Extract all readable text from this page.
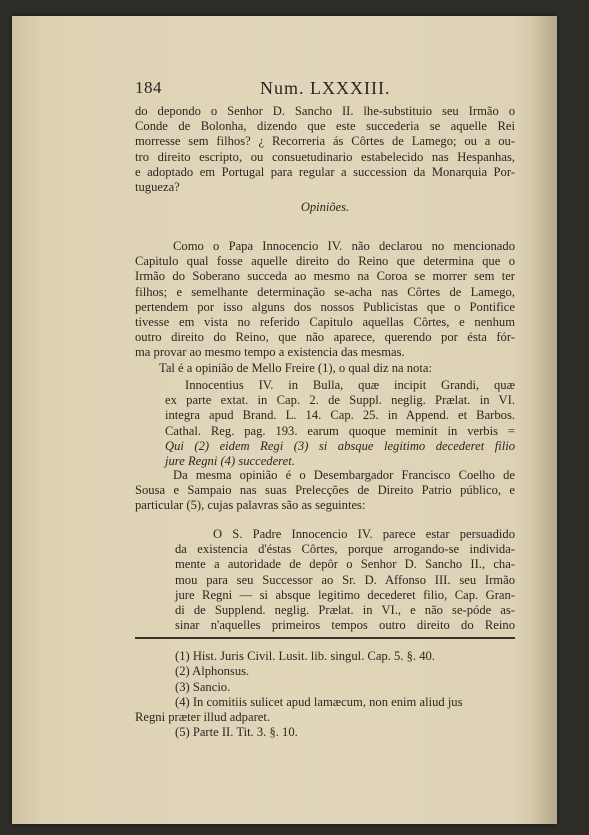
184	Num. LXXXIII.
do depondo o Senhor D. Sancho II. lhe-substituio seu Irmão o
Conde de Bolonha, dizendo que este succederia se aquelle Rei
morresse sem filhos? ¿ Recorreria ás Côrtes de Lamego; ou a ou-
tro direito escripto, ou consuetudinario estabelecido nas Hespanhas,
e adoptado em Portugal para regular a succession da Monarquia Por-
tugueza?
Opiniões.
Como o Papa Innocencio IV. não declarou no mencionado
Capitulo qual fosse aquelle direito do Reino que determina que o
Irmão do Soberano succeda ao mesmo na Coroa se morrer sem ter
filhos; e semelhante determinação se-acha nas Côrtes de Lamego,
pertendem por isso alguns dos nossos Publicistas que o Pontifice
tivesse em vista no referido Capitulo aquellas Côrtes, e nenhum
outro direito do Reino, que não aparece, querendo por ésta fór-
ma provar ao mesmo tempo a existencia das mesmas.
Tal é a opinião de Mello Freire (1), o qual diz na nota:
Innocentius IV. in Bulla, quæ incipit Grandi, quæ
ex parte extat. in Cap. 2. de Suppl. neglig. Prælat. in VI.
integra apud Brand. L. 14. Cap. 25. in Append. et Barbos.
Cathal. Reg. pag. 193. earum quoque meminit in verbis =
Qui (2) eidem Regi (3) si absque legitimo decederet filio
jure Regni (4) succederet.
Da mesma opinião é o Desembargador Francisco Coelho de
Sousa e Sampaio nas suas Prelecções de Direito Patrio público, e
particular (5), cujas palavras são as seguintes:
O S. Padre Innocencio IV. parece estar persuadido
da existencia d'éstas Côrtes, porque arrogando-se individa-
mente a autoridade de depôr o Senhor D. Sancho II., cha-
mou para seu Successor ao Sr. D. Affonso III. seu Irmão
jure Regni — si absque legitimo decederet filio, Cap. Gran-
di de Supplend. neglig. Prælat. in VI., e não se-póde as-
sinar n'aquelles primeiros tempos outro direito do Reino
(1) Hist. Juris Civil. Lusit. lib. singul. Cap. 5. §. 40.
(2) Alphonsus.
(3) Sancio.
(4) In comitiis sulicet apud lamæcum, non enim aliud jus
Regni præter illud adparet.
(5) Parte II. Tit. 3. §. 10.
